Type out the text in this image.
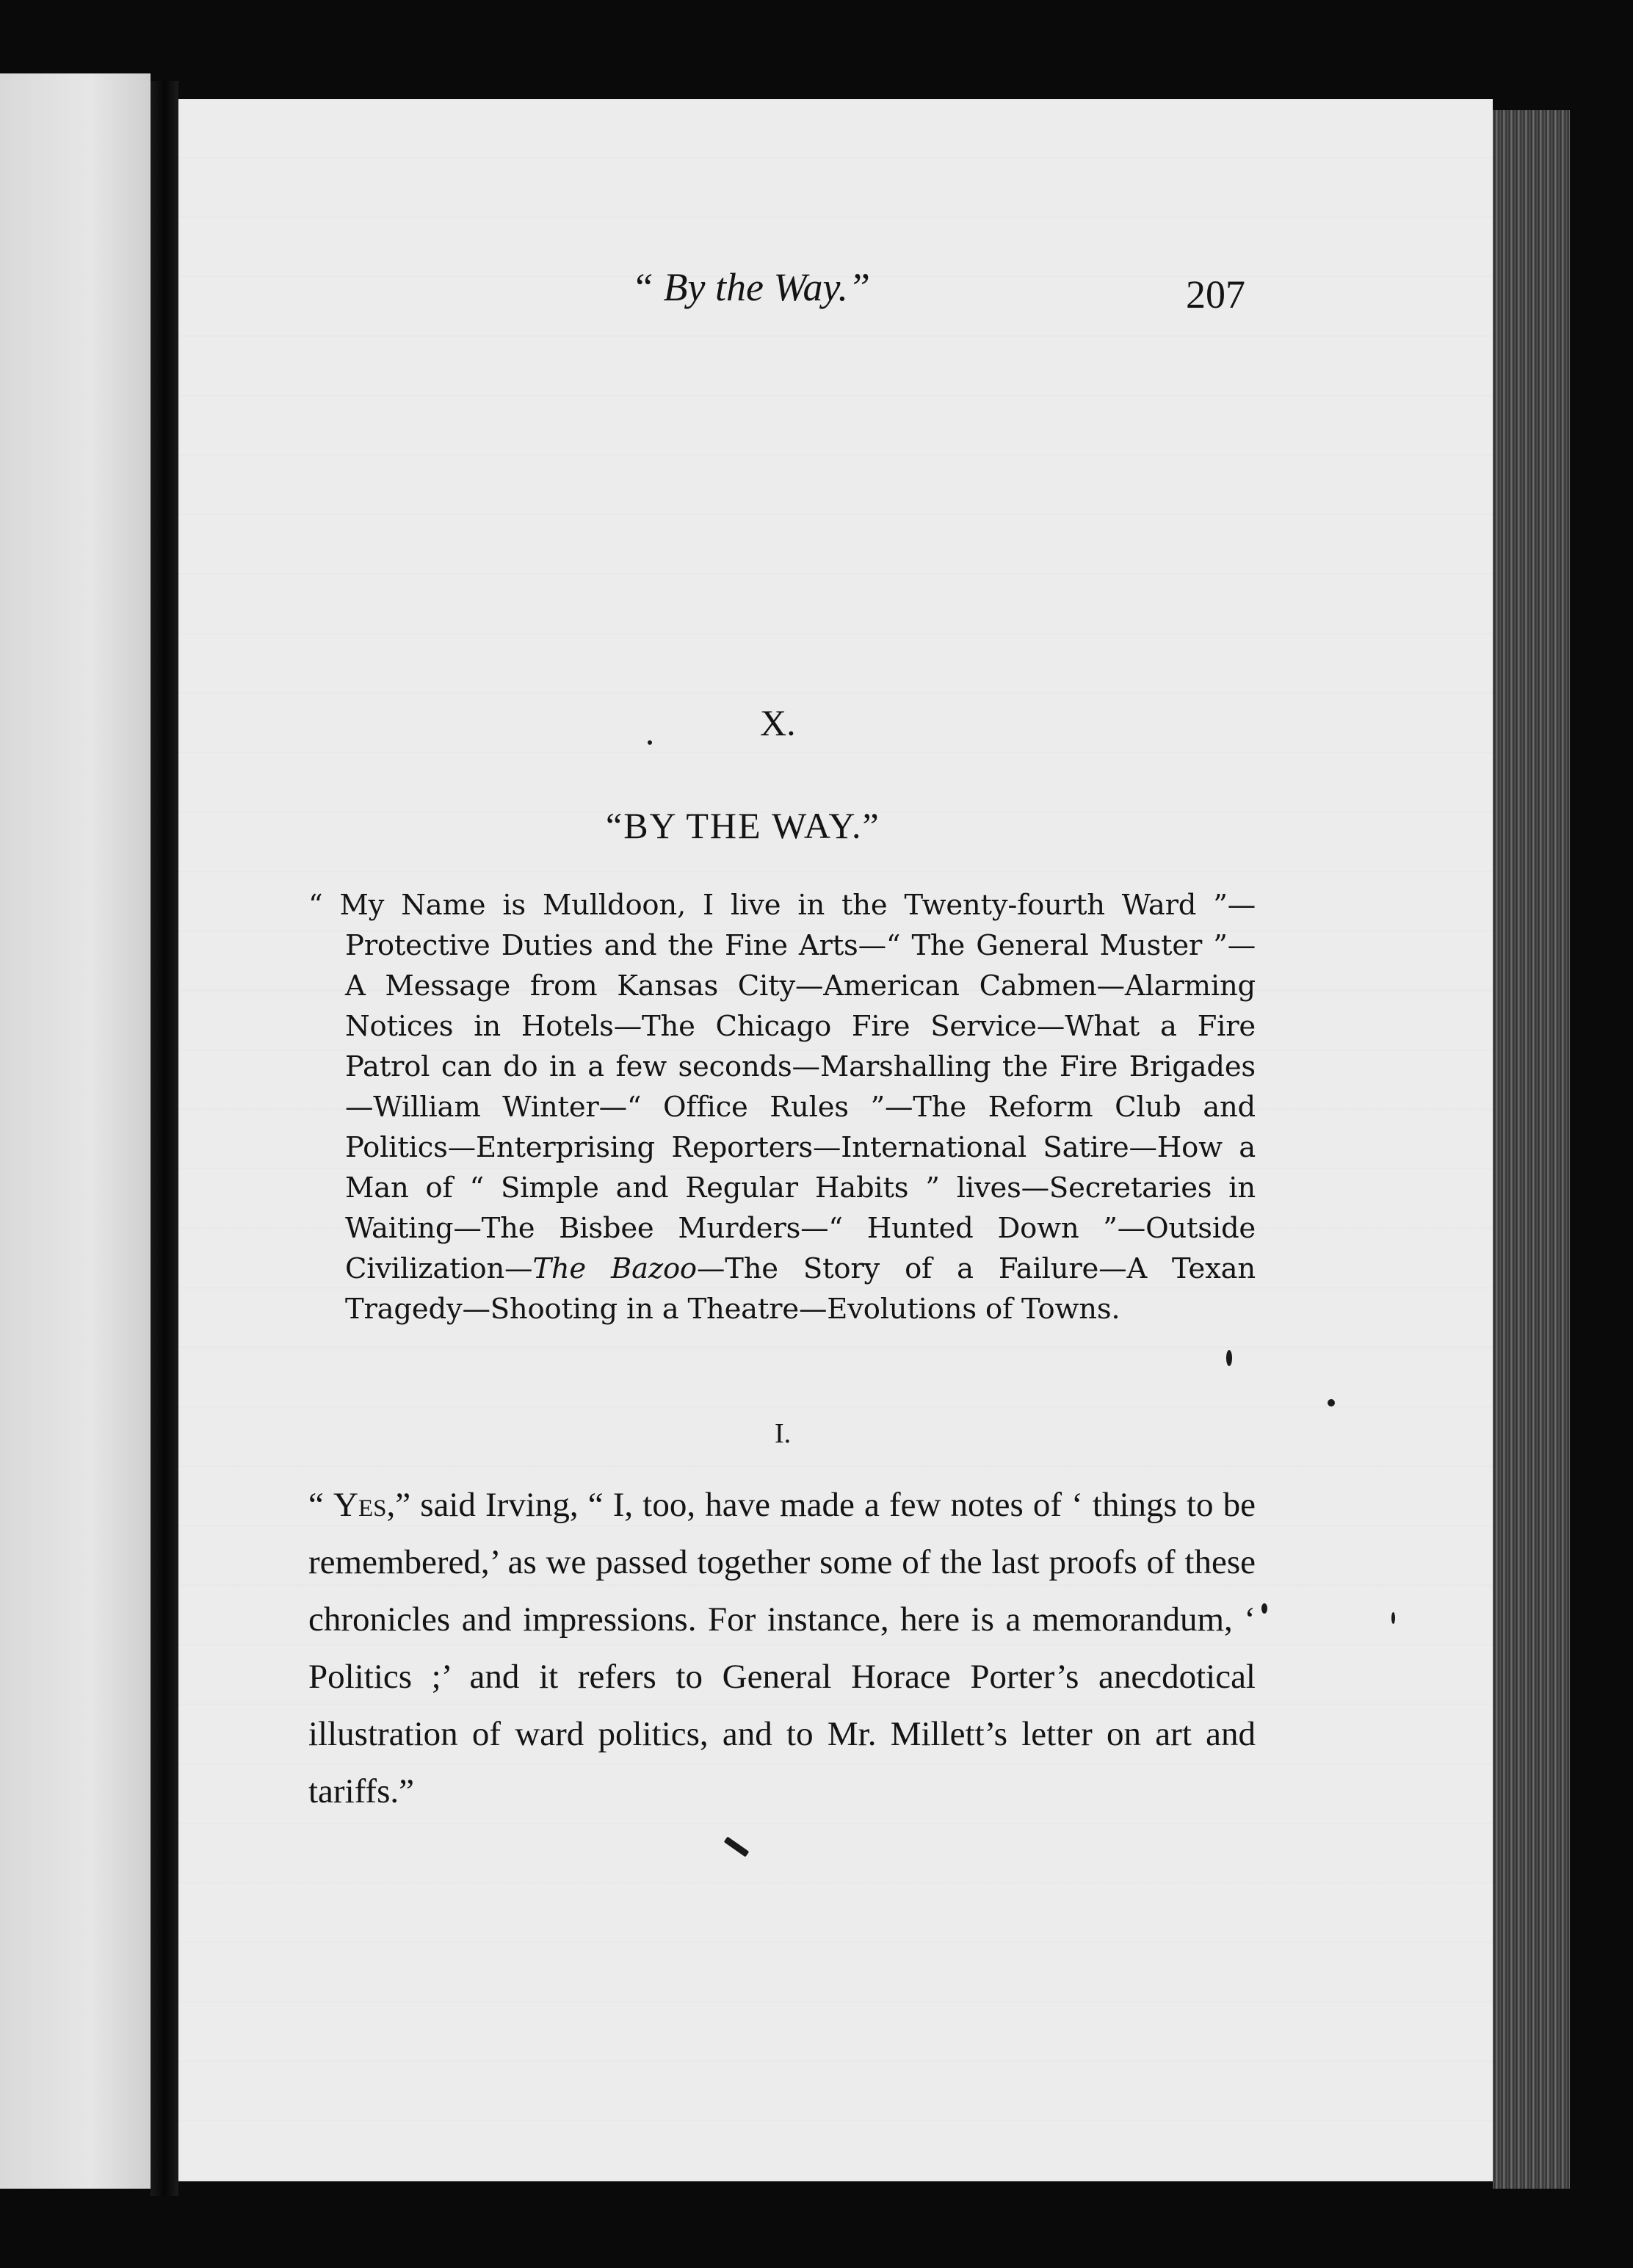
“ By the Way.”	207
X.
“BY THE WAY.”
“ My Name is Mulldoon, I live in the Twenty-fourth Ward ”—Protective Duties and the Fine Arts—“ The General Muster ”—A Message from Kansas City—American Cabmen—Alarming Notices in Hotels—The Chicago Fire Service—What a Fire Patrol can do in a few seconds—Marshalling the Fire Brigades—William Winter—“ Office Rules ”—The Reform Club and Politics—Enterprising Reporters—International Satire—How a Man of “ Simple and Regular Habits ” lives—Secretaries in Waiting—The Bisbee Murders—“ Hunted Down ”—Outside Civilization—The Bazoo—The Story of a Failure—A Texan Tragedy—Shooting in a Theatre—Evolutions of Towns.
I.

“ Yes,” said Irving, “ I, too, have made a few notes of ‘ things to be remembered,’ as we passed together some of the last proofs of these chronicles and impressions. For instance, here is a memorandum, ‘ Politics ;’ and it refers to General Horace Porter’s anecdotical illustration of ward politics, and to Mr. Millett’s letter on art and tariffs.”
